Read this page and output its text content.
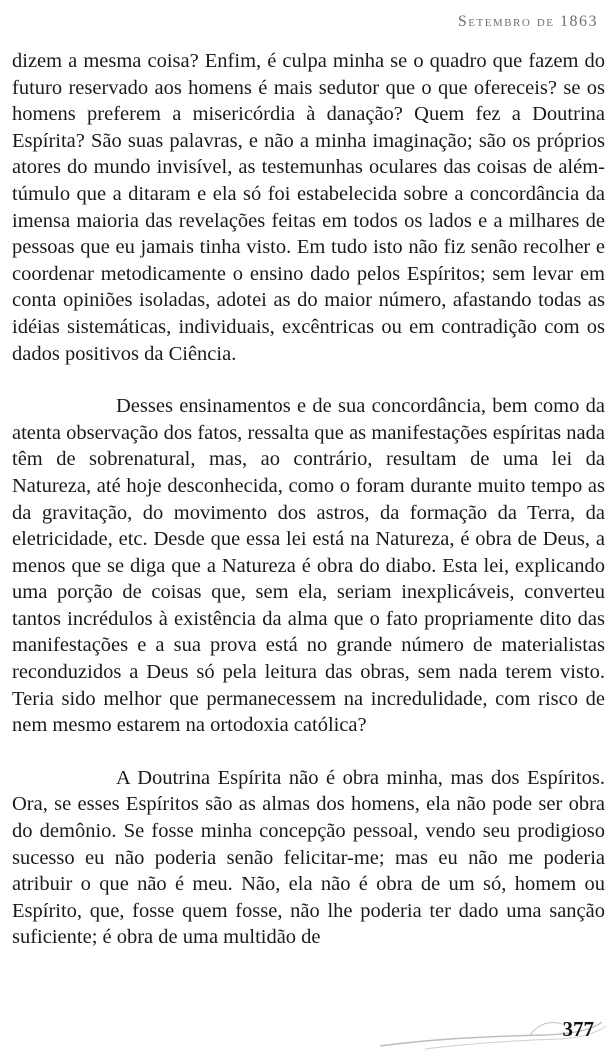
Setembro de 1863

dizem a mesma coisa? Enfim, é culpa minha se o quadro que fazem do futuro reservado aos homens é mais sedutor que o que ofereceis? se os homens preferem a misericórdia à danação? Quem fez a Doutrina Espírita? São suas palavras, e não a minha imaginação; são os próprios atores do mundo invisível, as testemunhas oculares das coisas de além-túmulo que a ditaram e ela só foi estabelecida sobre a concordância da imensa maioria das revelações feitas em todos os lados e a milhares de pessoas que eu jamais tinha visto. Em tudo isto não fiz senão recolher e coordenar metodicamente o ensino dado pelos Espíritos; sem levar em conta opiniões isoladas, adotei as do maior número, afastando todas as idéias sistemáticas, individuais, excêntricas ou em contradição com os dados positivos da Ciência.

Desses ensinamentos e de sua concordância, bem como da atenta observação dos fatos, ressalta que as manifestações espíritas nada têm de sobrenatural, mas, ao contrário, resultam de uma lei da Natureza, até hoje desconhecida, como o foram durante muito tempo as da gravitação, do movimento dos astros, da formação da Terra, da eletricidade, etc. Desde que essa lei está na Natureza, é obra de Deus, a menos que se diga que a Natureza é obra do diabo. Esta lei, explicando uma porção de coisas que, sem ela, seriam inexplicáveis, converteu tantos incrédulos à existência da alma que o fato propriamente dito das manifestações e a sua prova está no grande número de materialistas reconduzidos a Deus só pela leitura das obras, sem nada terem visto. Teria sido melhor que permanecessem na incredulidade, com risco de nem mesmo estarem na ortodoxia católica?

A Doutrina Espírita não é obra minha, mas dos Espíritos. Ora, se esses Espíritos são as almas dos homens, ela não pode ser obra do demônio. Se fosse minha concepção pessoal, vendo seu prodigioso sucesso eu não poderia senão felicitar-me; mas eu não me poderia atribuir o que não é meu. Não, ela não é obra de um só, homem ou Espírito, que, fosse quem fosse, não lhe poderia ter dado uma sanção suficiente; é obra de uma multidão de

377
